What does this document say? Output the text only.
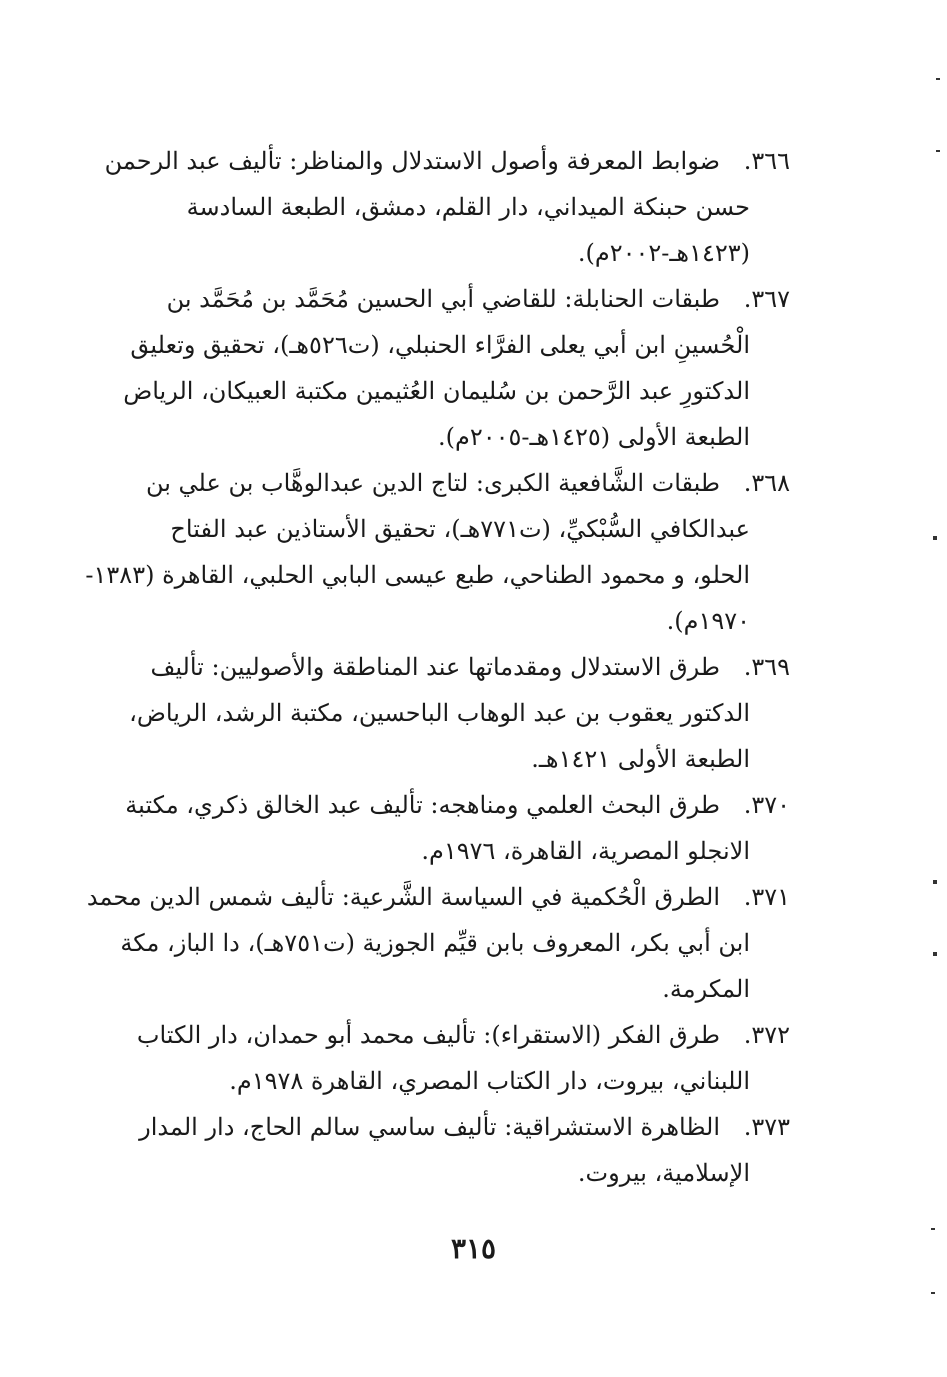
٣٦٦.
ضوابط المعرفة وأصول الاستدلال والمناظر: تأليف عبد الرحمن
حسن حبنكة الميداني، دار القلم، دمشق، الطبعة السادسة
(١٤٢٣هـ-٢٠٠٢م).
٣٦٧.
طبقات الحنابلة: للقاضي أبي الحسين مُحَمَّد بن مُحَمَّد بن
الْحُسينِ ابن أبي يعلى الفرَّاء الحنبلي، (ت٥٢٦هـ)، تحقيق وتعليق
الدكتورِ عبد الرَّحمن بن سُليمان العُثيمين مكتبة العبيكان، الرياض
الطبعة الأولى (١٤٢٥هـ-٢٠٠٥م).
٣٦٨.
طبقات الشَّافعية الكبرى: لتاج الدين عبدالوهَّاب بن علي بن
عبدالكافي السُّبْكيِّ، (ت٧٧١هـ)، تحقيق الأستاذين عبد الفتاح
الحلو، و محمود الطناحي، طبع عيسى البابي الحلبي، القاهرة (١٣٨٣-
١٩٧٠م).
٣٦٩.
طرق الاستدلال ومقدماتها عند المناطقة والأصوليين: تأليف
الدكتور يعقوب بن عبد الوهاب الباحسين، مكتبة الرشد، الرياض،
الطبعة الأولى ١٤٢١هـ.
٣٧٠.
طرق البحث العلمي ومناهجه: تأليف عبد الخالق ذكري، مكتبة
الانجلو المصرية، القاهرة، ١٩٧٦م.
٣٧١.
الطرق الْحُكمية في السياسة الشَّرعية: تأليف شمس الدين محمد
ابن أبي بكر، المعروف بابن قيِّم الجوزية (ت٧٥١هـ)، دا الباز، مكة
المكرمة.
٣٧٢.
طرق الفكر (الاستقراء): تأليف محمد أبو حمدان، دار الكتاب
اللبناني، بيروت، دار الكتاب المصري، القاهرة ١٩٧٨م.
٣٧٣.
الظاهرة الاستشراقية: تأليف ساسي سالم الحاج، دار المدار
الإسلامية، بيروت.
٣١٥
